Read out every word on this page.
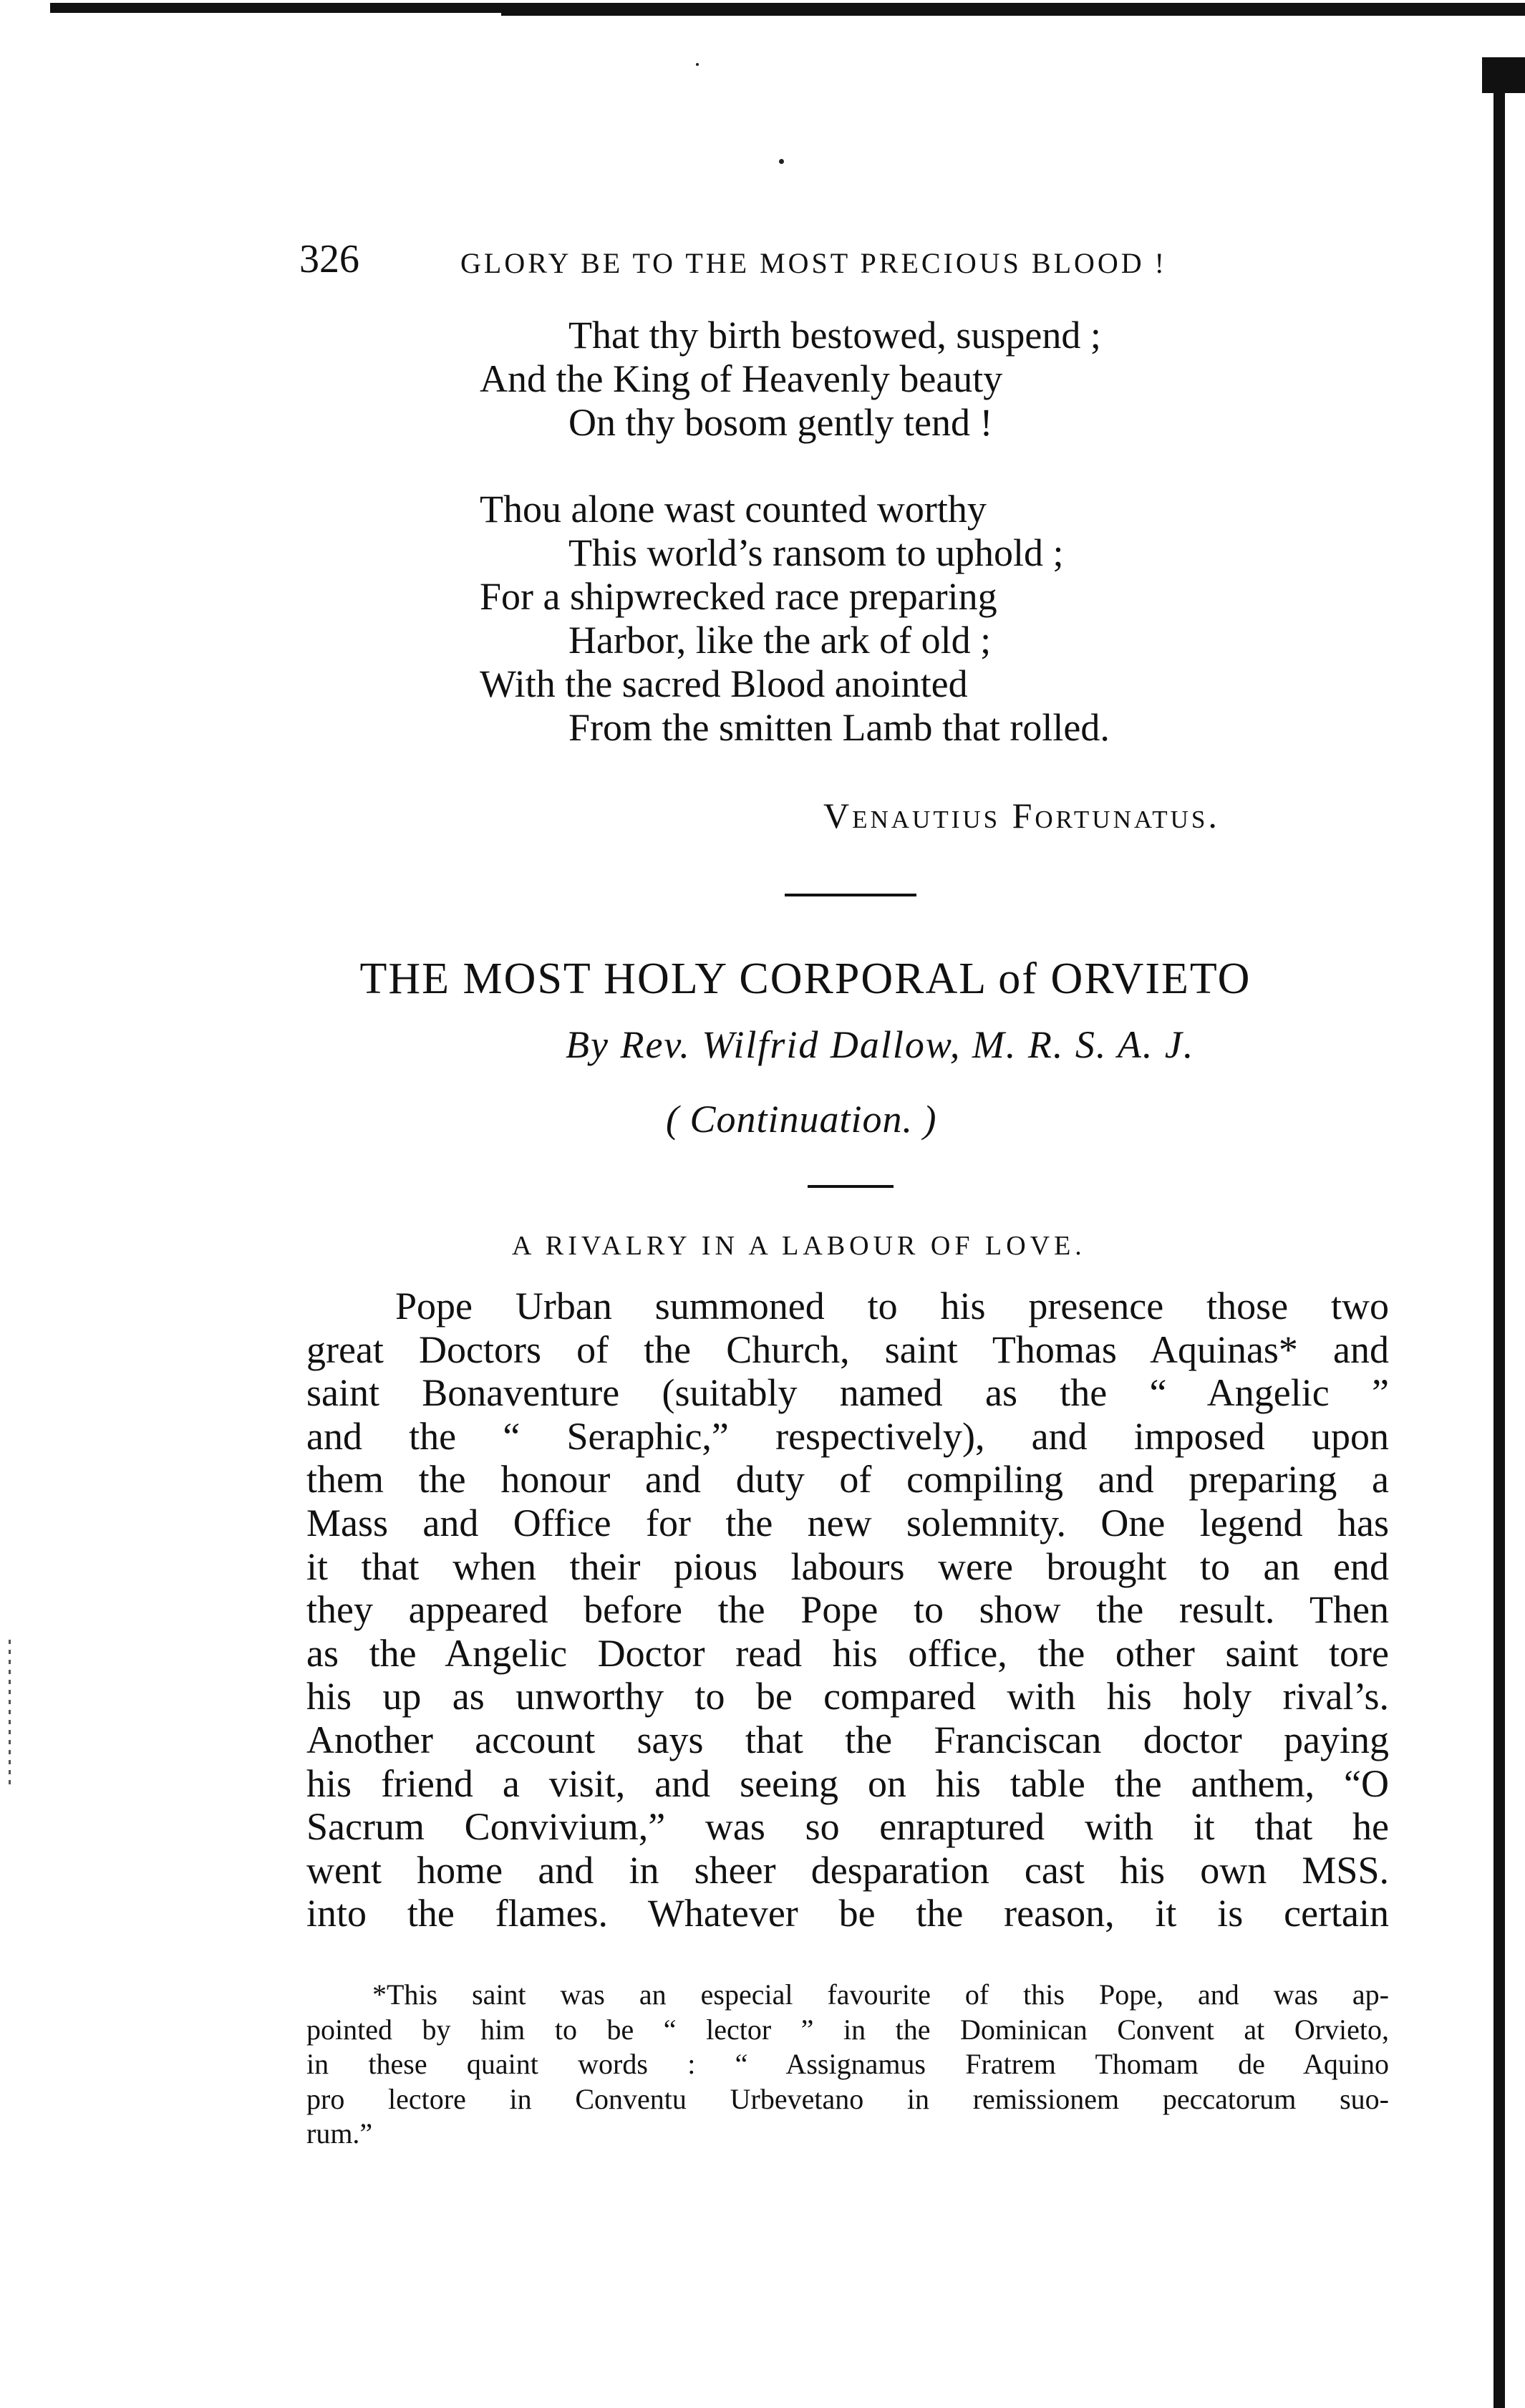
326	GLORY BE TO THE MOST PRECIOUS BLOOD !
That thy birth bestowed, suspend ;
And the King of Heavenly beauty
On thy bosom gently tend !
Thou alone wast counted worthy
This world’s ransom to uphold ;
For a shipwrecked race preparing
Harbor, like the ark of old ;
With the sacred Blood anointed
From the smitten Lamb that rolled.
Venautius Fortunatus.
THE MOST HOLY CORPORAL of ORVIETO
By Rev. Wilfrid Dallow, M. R. S. A. J.
( Continuation. )
A RIVALRY IN A LABOUR OF LOVE.
Pope Urban summoned to his presence those two
great Doctors of the Church, saint Thomas Aquinas* and
saint Bonaventure (suitably named as the “ Angelic ”
and the “ Seraphic,” respectively), and imposed upon
them the honour and duty of compiling and preparing a
Mass and Office for the new solemnity. One legend has
it that when their pious labours were brought to an end
they appeared before the Pope to show the result. Then
as the Angelic Doctor read his office, the other saint tore
his up as unworthy to be compared with his holy rival’s.
Another account says that the Franciscan doctor paying
his friend a visit, and seeing on his table the anthem, “O
Sacrum Convivium,” was so enraptured with it that he
went home and in sheer desparation cast his own MSS.
into the flames. Whatever be the reason, it is certain
*This saint was an especial favourite of this Pope, and was ap-
pointed by him to be “ lector ” in the Dominican Convent at Orvieto,
in these quaint words : “ Assignamus Fratrem Thomam de Aquino
pro lectore in Conventu Urbevetano in remissionem peccatorum suo-
rum.”
